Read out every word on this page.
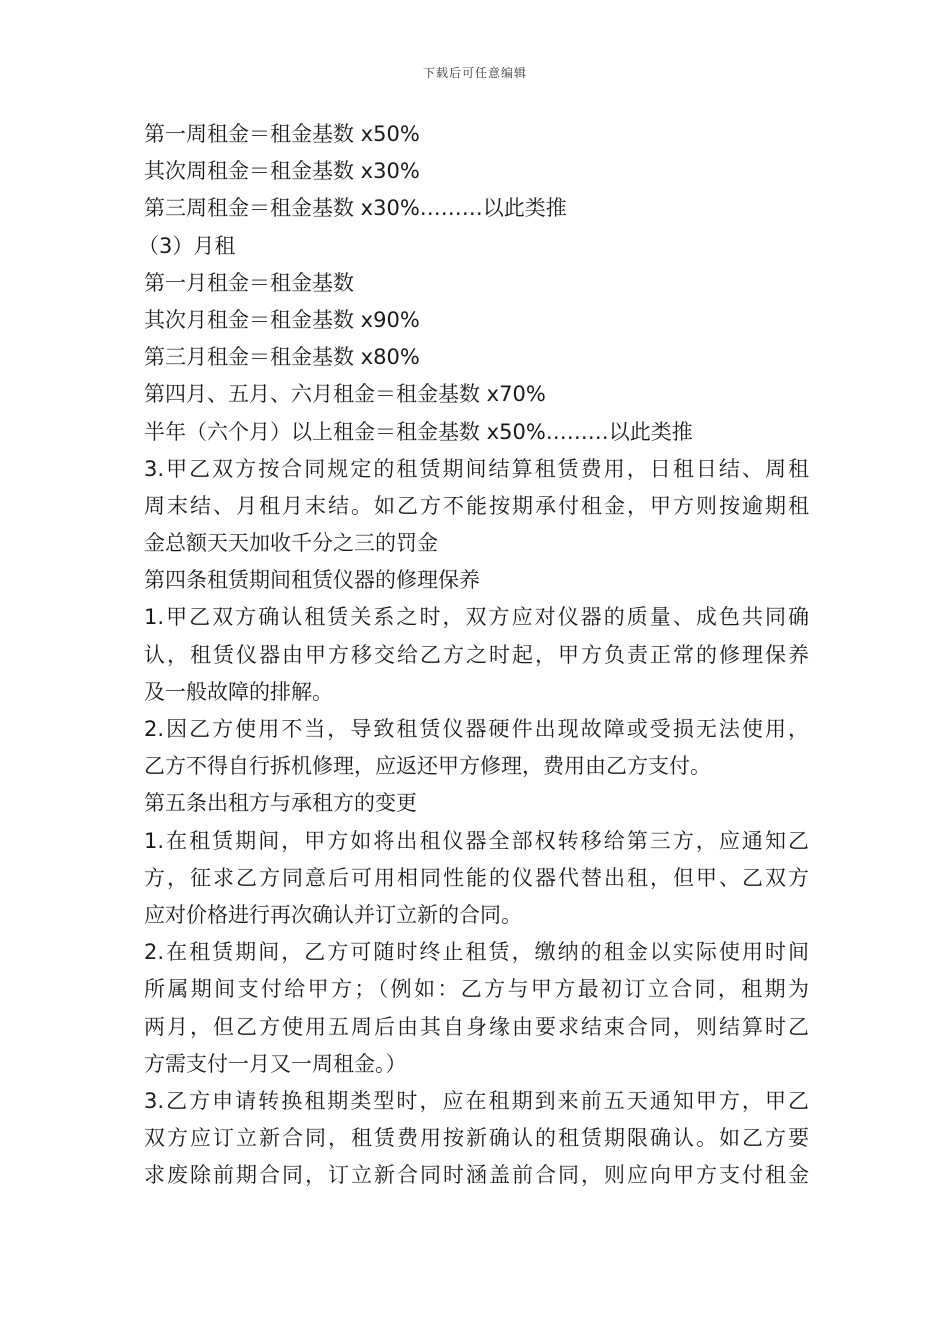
下载后可任意编辑
第一周租金＝租金基数 x50%
其次周租金＝租金基数 x30%
第三周租金＝租金基数 x30%………以此类推
（3）月租
第一月租金＝租金基数
其次月租金＝租金基数 x90%
第三月租金＝租金基数 x80%
第四月、五月、六月租金＝租金基数 x70%
半年（六个月）以上租金＝租金基数 x50%………以此类推
3.甲乙双方按合同规定的租赁期间结算租赁费用，日租日结、周租
周末结、月租月末结。如乙方不能按期承付租金，甲方则按逾期租
金总额天天加收千分之三的罚金
第四条租赁期间租赁仪器的修理保养
1.甲乙双方确认租赁关系之时，双方应对仪器的质量、成色共同确
认，租赁仪器由甲方移交给乙方之时起，甲方负责正常的修理保养
及一般故障的排解。
2.因乙方使用不当，导致租赁仪器硬件出现故障或受损无法使用，
乙方不得自行拆机修理，应返还甲方修理，费用由乙方支付。
第五条出租方与承租方的变更
1.在租赁期间，甲方如将出租仪器全部权转移给第三方，应通知乙
方，征求乙方同意后可用相同性能的仪器代替出租，但甲、乙双方
应对价格进行再次确认并订立新的合同。
2.在租赁期间，乙方可随时终止租赁，缴纳的租金以实际使用时间
所属期间支付给甲方；（例如：乙方与甲方最初订立合同，租期为
两月，但乙方使用五周后由其自身缘由要求结束合同，则结算时乙
方需支付一月又一周租金。）
3.乙方申请转换租期类型时，应在租期到来前五天通知甲方，甲乙
双方应订立新合同，租赁费用按新确认的租赁期限确认。如乙方要
求废除前期合同，订立新合同时涵盖前合同，则应向甲方支付租金
